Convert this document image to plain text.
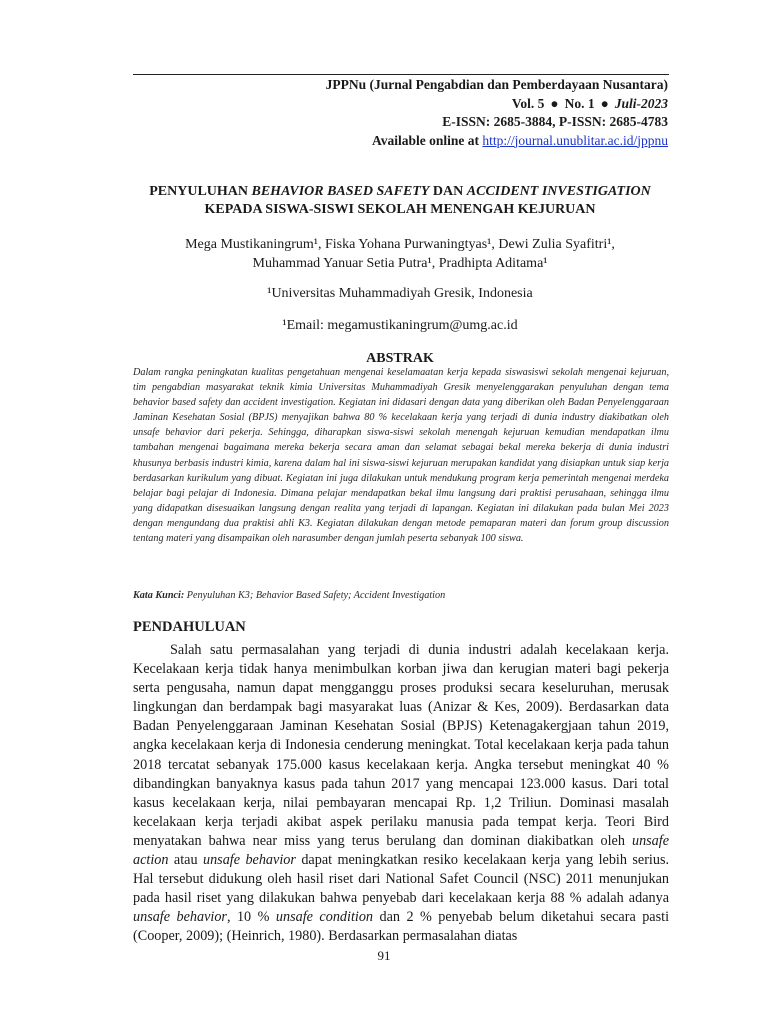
JPPNu (Jurnal Pengabdian dan Pemberdayaan Nusantara)
Vol. 5 ● No. 1 ● Juli-2023
E-ISSN: 2685-3884, P-ISSN: 2685-4783
Available online at http://journal.unublitar.ac.id/jppnu
PENYULUHAN BEHAVIOR BASED SAFETY DAN ACCIDENT INVESTIGATION
KEPADA SISWA-SISWI SEKOLAH MENENGAH KEJURUAN
Mega Mustikaningrum¹, Fiska Yohana Purwaningtyas¹, Dewi Zulia Syafitri¹,
Muhammad Yanuar Setia Putra¹, Pradhipta Aditama¹
¹Universitas Muhammadiyah Gresik, Indonesia
¹Email: megamustikaningrum@umg.ac.id
ABSTRAK
Dalam rangka peningkatan kualitas pengetahuan mengenai keselamaatan kerja kepada siswasiswi sekolah mengenai kejuruan, tim pengabdian masyarakat teknik kimia Universitas Muhammadiyah Gresik menyelenggarakan penyuluhan dengan tema behavior based safety dan accident investigation. Kegiatan ini didasari dengan data yang diberikan oleh Badan Penyelenggaraan Jaminan Kesehatan Sosial (BPJS) menyajikan bahwa 80 % kecelakaan kerja yang terjadi di dunia industry diakibatkan oleh unsafe behavior dari pekerja. Sehingga, diharapkan siswa-siswi sekolah menengah kejuruan kemudian mendapatkan ilmu tambahan mengenai bagaimana mereka bekerja secara aman dan selamat sebagai bekal mereka bekerja di dunia industri khusunya berbasis industri kimia, karena dalam hal ini siswa-siswi kejuruan merupakan kandidat yang disiapkan untuk siap kerja berdasarkan kurikulum yang dibuat. Kegiatan ini juga dilakukan untuk mendukung program kerja pemerintah mengenai merdeka belajar bagi pelajar di Indonesia. Dimana pelajar mendapatkan bekal ilmu langsung dari praktisi perusahaan, sehingga ilmu yang didapatkan disesuaikan langsung dengan realita yang terjadi di lapangan. Kegiatan ini dilakukan pada bulan Mei 2023 dengan mengundang dua praktisi ahli K3. Kegiatan dilakukan dengan metode pemaparan materi dan forum group discussion tentang materi yang disampaikan oleh narasumber dengan jumlah peserta sebanyak 100 siswa.
Kata Kunci: Penyuluhan K3; Behavior Based Safety; Accident Investigation
PENDAHULUAN
Salah satu permasalahan yang terjadi di dunia industri adalah kecelakaan kerja. Kecelakaan kerja tidak hanya menimbulkan korban jiwa dan kerugian materi bagi pekerja serta pengusaha, namun dapat mengganggu proses produksi secara keseluruhan, merusak lingkungan dan berdampak bagi masyarakat luas (Anizar & Kes, 2009). Berdasarkan data Badan Penyelenggaraan Jaminan Kesehatan Sosial (BPJS) Ketenagakergjaan tahun 2019, angka kecelakaan kerja di Indonesia cenderung meningkat. Total kecelakaan kerja pada tahun 2018 tercatat sebanyak 175.000 kasus kecelakaan kerja. Angka tersebut meningkat 40 % dibandingkan banyaknya kasus pada tahun 2017 yang mencapai 123.000 kasus. Dari total kasus kecelakaan kerja, nilai pembayaran mencapai Rp. 1,2 Triliun. Dominasi masalah kecelakaan kerja terjadi akibat aspek perilaku manusia pada tempat kerja. Teori Bird menyatakan bahwa near miss yang terus berulang dan dominan diakibatkan oleh unsafe action atau unsafe behavior dapat meningkatkan resiko kecelakaan kerja yang lebih serius. Hal tersebut didukung oleh hasil riset dari National Safet Council (NSC) 2011 menunjukan pada hasil riset yang dilakukan bahwa penyebab dari kecelakaan kerja 88 % adalah adanya unsafe behavior, 10 % unsafe condition dan 2 % penyebab belum diketahui secara pasti (Cooper, 2009); (Heinrich, 1980). Berdasarkan permasalahan diatas
91
